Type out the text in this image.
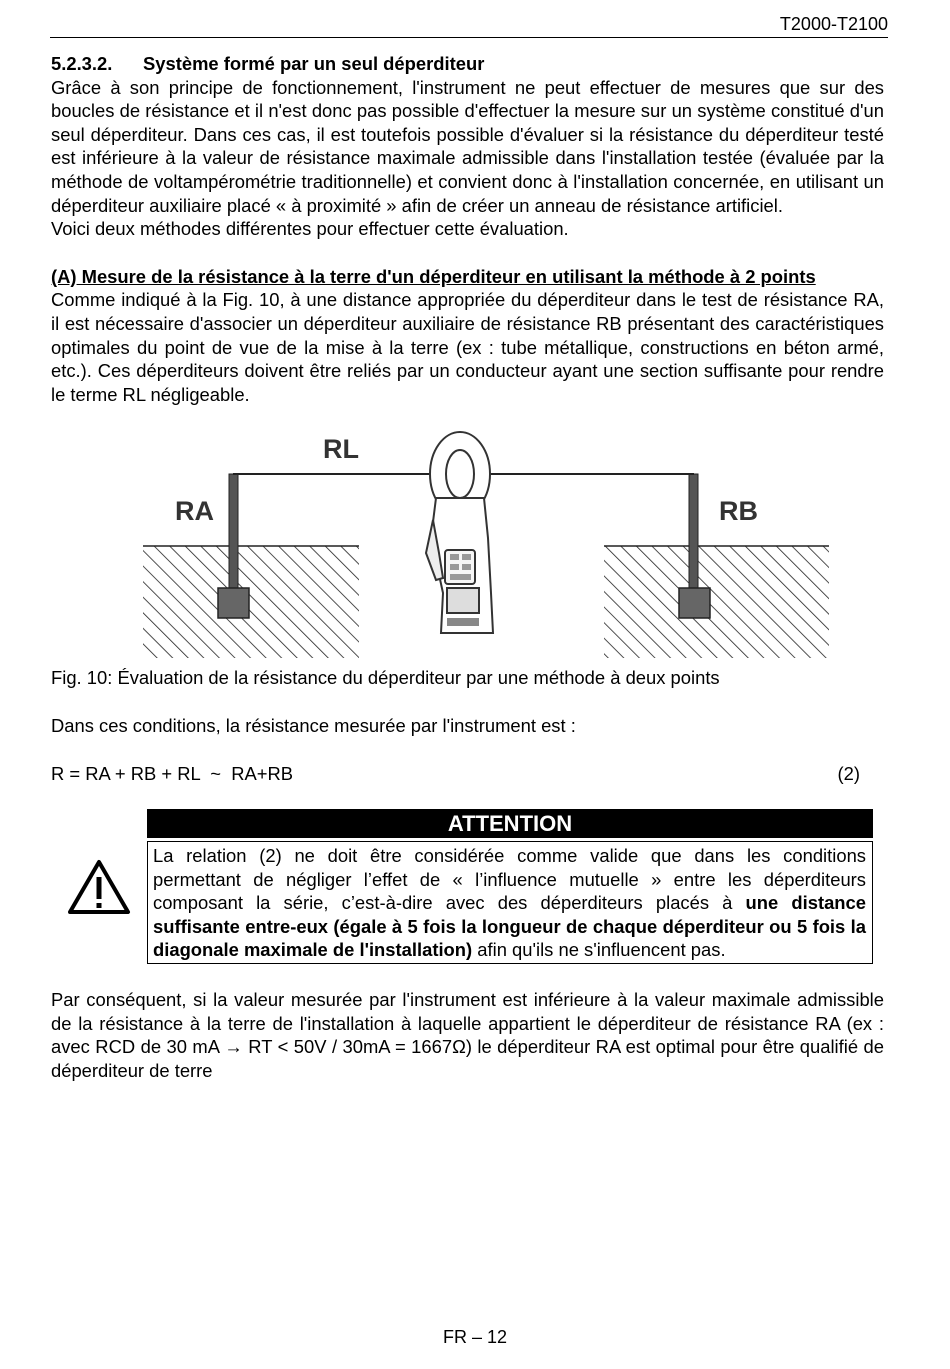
T2000-T2100

5.2.3.2.	Système formé par un seul déperditeur

Grâce à son principe de fonctionnement, l'instrument ne peut effectuer de mesures que sur des boucles de résistance et il n'est donc pas possible d'effectuer la mesure sur un système constitué d'un seul déperditeur. Dans ces cas, il est toutefois possible d'évaluer si la résistance du déperditeur testé est inférieure à la valeur de résistance maximale admissible dans l'installation testée (évaluée par la méthode de voltampérométrie traditionnelle) et convient donc à l'installation concernée, en utilisant un déperditeur auxiliaire placé « à proximité » afin de créer un anneau de résistance artificiel.

Voici deux méthodes différentes pour effectuer cette évaluation.

(A) Mesure de la résistance à la terre d'un déperditeur en utilisant la méthode à 2 points

Comme indiqué à la Fig. 10, à une distance appropriée du déperditeur dans le test de résistance RA, il est nécessaire d'associer un déperditeur auxiliaire de résistance RB présentant des caractéristiques optimales du point de vue de la mise à la terre (ex : tube métallique, constructions en béton armé, etc.). Ces déperditeurs doivent être reliés par un conducteur ayant une section suffisante pour rendre le terme RL négligeable.

RL
RA	RB

Fig. 10: Évaluation de la résistance du déperditeur par une méthode à deux points

Dans ces conditions, la résistance mesurée par l'instrument est :

R = RA + RB + RL  ~  RA+RB	(2)

ATTENTION
La relation (2) ne doit être considérée comme valide que dans les conditions permettant de négliger l’effet de « l’influence mutuelle » entre les déperditeurs composant la série, c’est-à-dire avec des déperditeurs placés à une distance suffisante entre-eux (égale à 5 fois la longueur de chaque déperditeur ou 5 fois la diagonale maximale de l'installation) afin qu'ils ne s'influencent pas.

Par conséquent, si la valeur mesurée par l'instrument est inférieure à la valeur maximale admissible de la résistance à la terre de l'installation à laquelle appartient le déperditeur de résistance RA (ex : avec RCD de 30 mA → RT < 50V / 30mA = 1667Ω) le déperditeur RA est optimal pour être qualifié de déperditeur de terre

FR – 12
